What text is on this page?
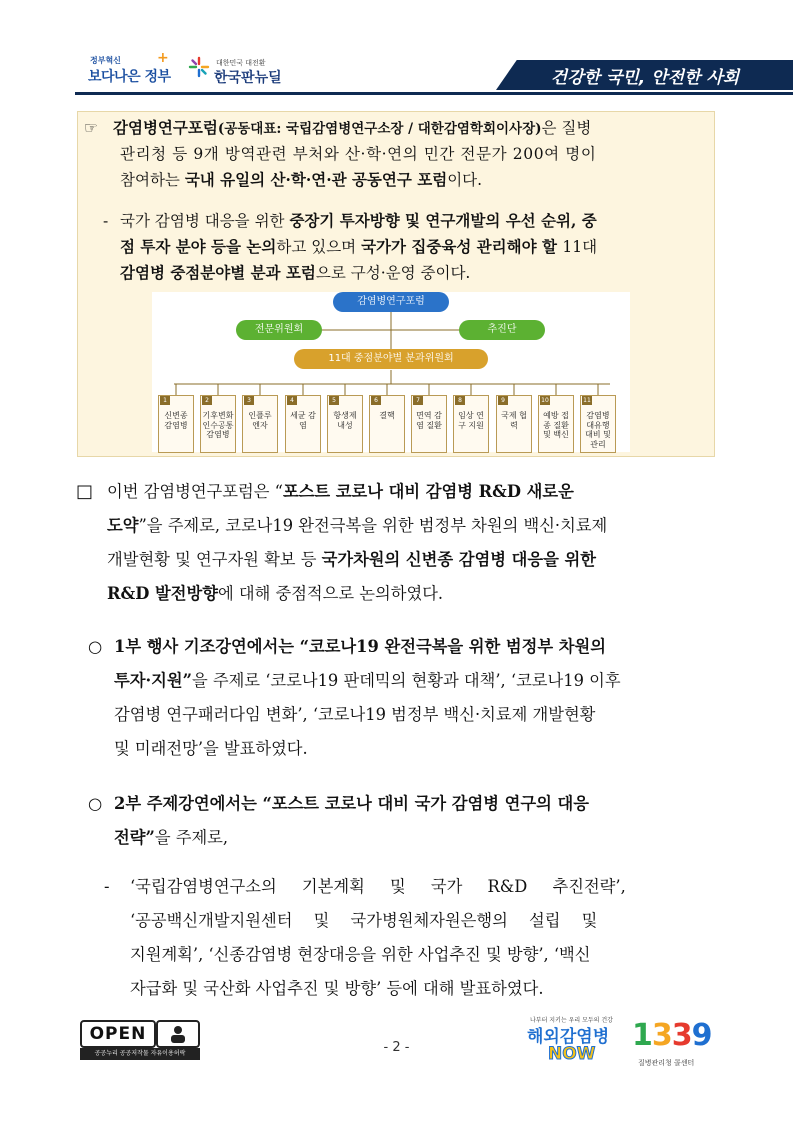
정부혁신
보다나은 정부
+	대한민국 대전환
한국판뉴딜	건강한 국민, 안전한 사회
☞ 감염병연구포럼(공동대표: 국립감염병연구소장 / 대한감염학회이사장)은 질병
관리청 등 9개 방역관련 부처와 산·학·연의 민간 전문가 200여 명이
참여하는 국내 유일의 산·학·연·관 공동연구 포럼이다.
- 국가 감염병 대응을 위한 중장기 투자방향 및 연구개발의 우선 순위, 중
점 투자 분야 등을 논의하고 있으며 국가가 집중육성 관리해야 할 11대
감염병 중점분야별 분과 포럼으로 구성·운영 중이다.
감염병연구포럼
전문위원회	추진단
11대 중점분야별 분과위원회
1
신변종 감염병
2
기후변화 인수공통 감염병
3
인플루 엔자
4
세균 감염
5
항생제 내성
6
결핵
7
면역 감염 질환
8
임상 연구 지원
9
국제 협력
10
예방 접종 질환 및 백신
11
감염병 대유행 대비 및 관리
□ 이번 감염병연구포럼은 “포스트 코로나 대비 감염병 R&D 새로운
도약”을 주제로, 코로나19 완전극복을 위한 범정부 차원의 백신·치료제
개발현황 및 연구자원 확보 등 국가차원의 신변종 감염병 대응을 위한
R&D 발전방향에 대해 중점적으로 논의하였다.
○ 1부 행사 기조강연에서는 “코로나19 완전극복을 위한 범정부 차원의
투자·지원”을 주제로 ‘코로나19 판데믹의 현황과 대책’, ‘코로나19 이후
감염병 연구패러다임 변화’, ‘코로나19 범정부 백신·치료제 개발현황
및 미래전망’을 발표하였다.
○ 2부 주제강연에서는 “포스트 코로나 대비 국가 감염병 연구의 대응
전략”을 주제로,
- ‘국립감염병연구소의 기본계획 및 국가 R&D 추진전략’,
‘공공백신개발지원센터 및 국가병원체자원은행의 설립 및
지원계획’, ‘신종감염병 현장대응을 위한 사업추진 및 방향’, ‘백신
자급화 및 국산화 사업추진 및 방향’ 등에 대해 발표하였다.
OPEN
공공누리 공공저작물 자유이용허락	- 2 -
나부터 지키는 우리 모두의 건강
해외감염병
NOW
1339
질병관리청 콜센터
